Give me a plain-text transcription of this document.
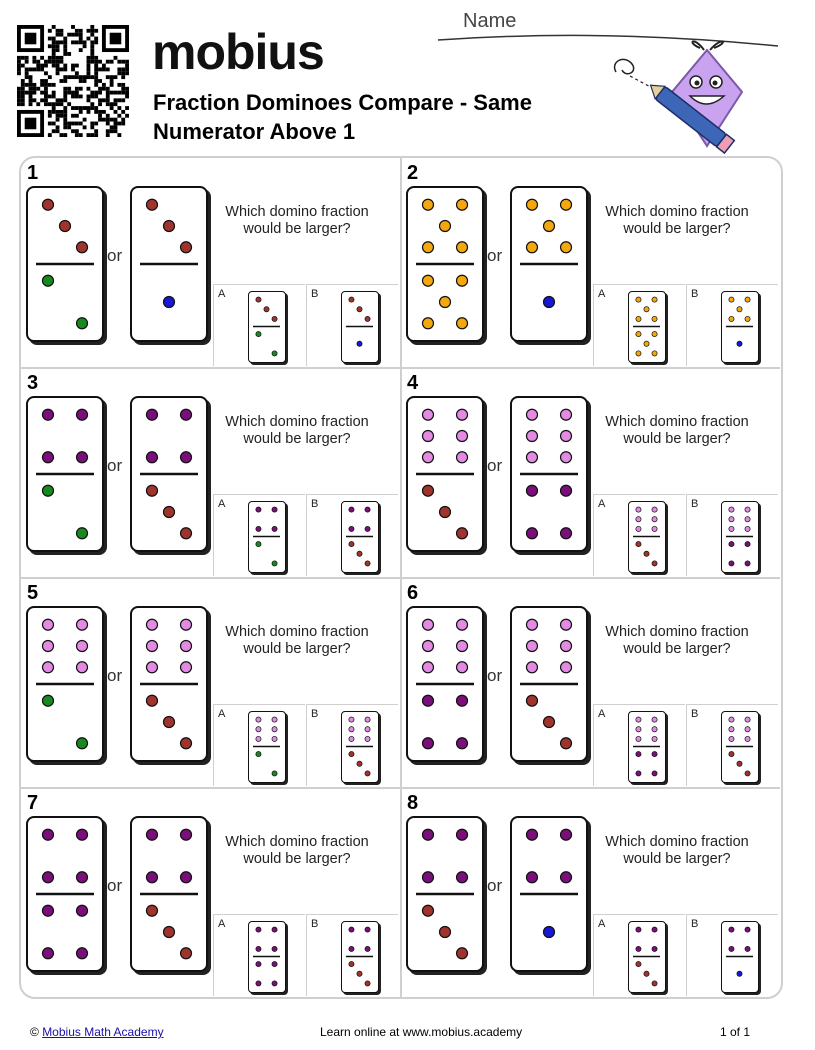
mobius
Fraction Dominoes Compare - Same Numerator Above 1
Name
1
or
Which domino fraction would be larger?
A	B
2
or
Which domino fraction would be larger?
A	B
3
or
Which domino fraction would be larger?
A	B
4
or
Which domino fraction would be larger?
A	B
5
or
Which domino fraction would be larger?
A	B
6
or
Which domino fraction would be larger?
A	B
7
or
Which domino fraction would be larger?
A	B
8
or
Which domino fraction would be larger?
A	B
© Mobius Math Academy	Learn online at www.mobius.academy	1 of 1
